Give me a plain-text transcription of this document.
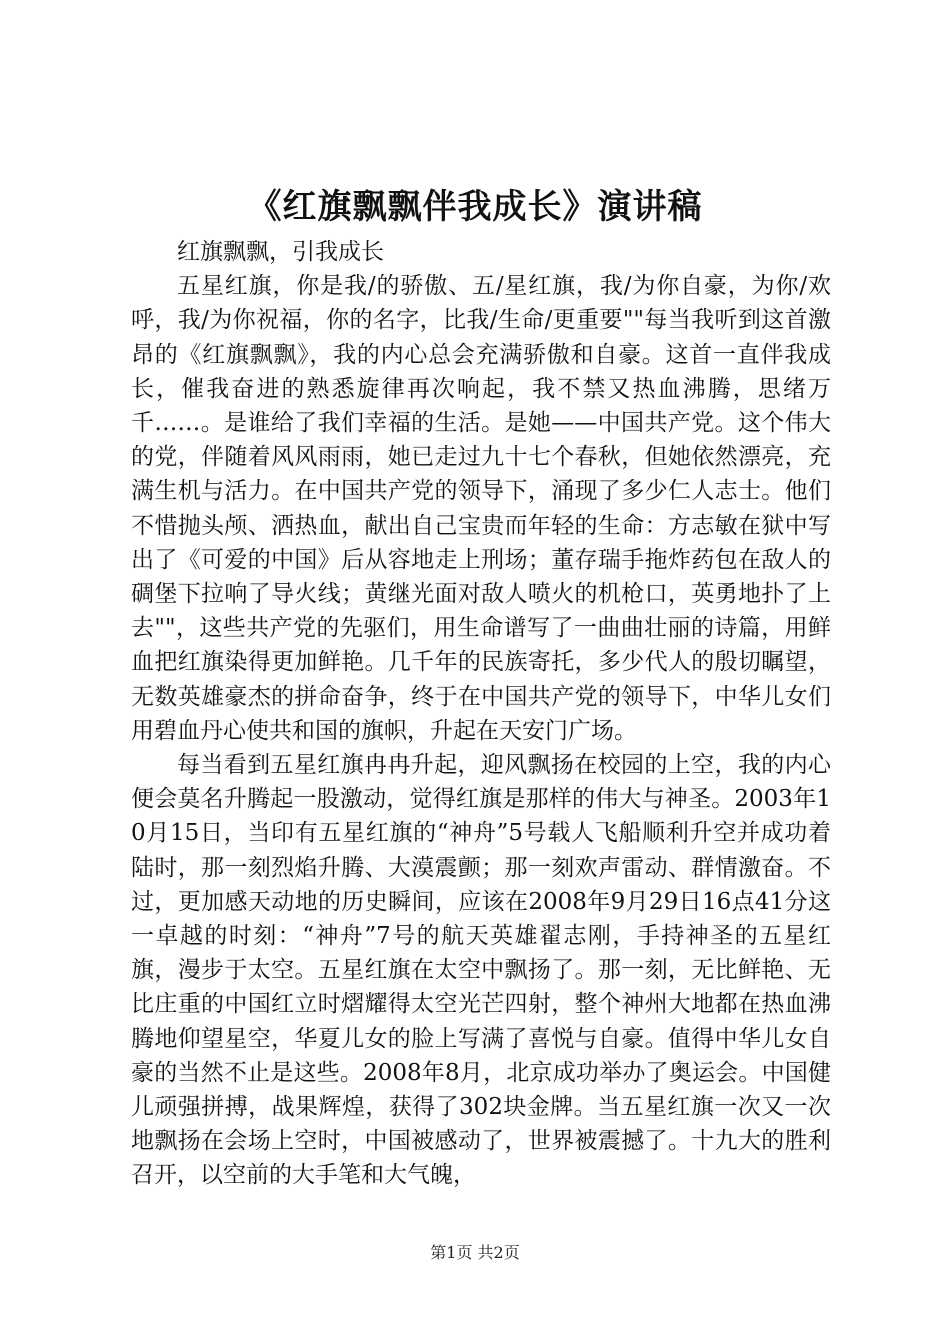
《红旗飘飘伴我成长》演讲稿

红旗飘飘，引我成长

五星红旗，你是我/的骄傲、五/星红旗，我/为你自豪，为你/欢呼，我/为你祝福，你的名字，比我/生命/更重要""每当我听到这首激昂的《红旗飘飘》，我的内心总会充满骄傲和自豪。这首一直伴我成长，催我奋进的熟悉旋律再次响起，我不禁又热血沸腾，思绪万千……。是谁给了我们幸福的生活。是她——中国共产党。这个伟大的党，伴随着风风雨雨，她已走过九十七个春秋，但她依然漂亮，充满生机与活力。在中国共产党的领导下，涌现了多少仁人志士。他们不惜抛头颅、洒热血，献出自己宝贵而年轻的生命：方志敏在狱中写出了《可爱的中国》后从容地走上刑场；董存瑞手拖炸药包在敌人的碉堡下拉响了导火线；黄继光面对敌人喷火的机枪口，英勇地扑了上去""，这些共产党的先驱们，用生命谱写了一曲曲壮丽的诗篇，用鲜血把红旗染得更加鲜艳。几千年的民族寄托，多少代人的殷切瞩望，无数英雄豪杰的拼命奋争，终于在中国共产党的领导下，中华儿女们用碧血丹心使共和国的旗帜，升起在天安门广场。

每当看到五星红旗冉冉升起，迎风飘扬在校园的上空，我的内心便会莫名升腾起一股激动，觉得红旗是那样的伟大与神圣。2003年10月15日，当印有五星红旗的“神舟”5号载人飞船顺利升空并成功着陆时，那一刻烈焰升腾、大漠震颤；那一刻欢声雷动、群情激奋。不过，更加感天动地的历史瞬间，应该在2008年9月29日16点41分这一卓越的时刻：“神舟”7号的航天英雄翟志刚，手持神圣的五星红旗，漫步于太空。五星红旗在太空中飘扬了。那一刻，无比鲜艳、无比庄重的中国红立时熠耀得太空光芒四射，整个神州大地都在热血沸腾地仰望星空，华夏儿女的脸上写满了喜悦与自豪。值得中华儿女自豪的当然不止是这些。2008年8月，北京成功举办了奥运会。中国健儿顽强拼搏，战果辉煌，获得了302块金牌。当五星红旗一次又一次地飘扬在会场上空时，中国被感动了，世界被震撼了。十九大的胜利召开，以空前的大手笔和大气魄，

第1页 共2页
